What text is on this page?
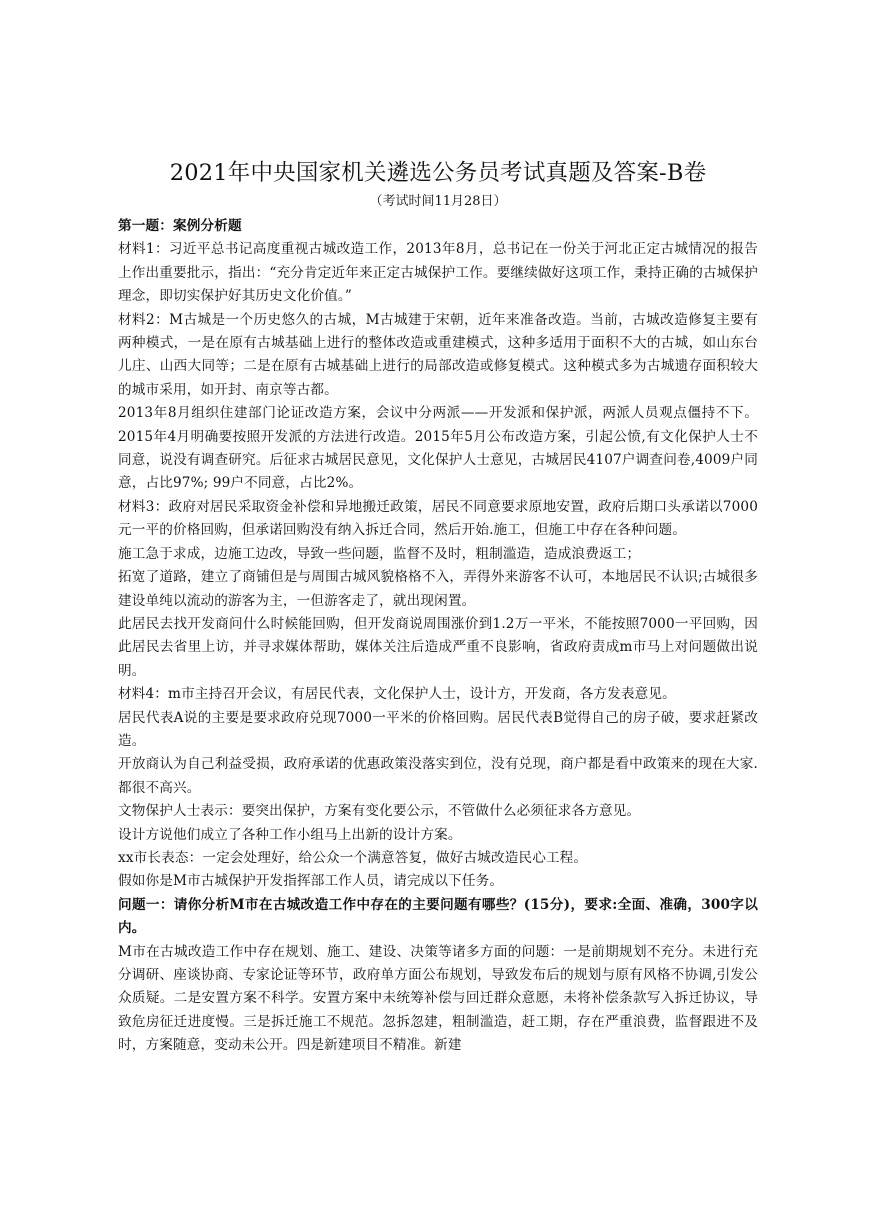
2021年中央国家机关遴选公务员考试真题及答案-B卷

（考试时间11月28日）

第一题：案例分析题

材料1：习近平总书记高度重视古城改造工作，2013年8月，总书记在一份关于河北正定古城情况的报告上作出重要批示，指出：“充分肯定近年来正定古城保护工作。要继续做好这项工作，秉持正确的古城保护理念，即切实保护好其历史文化价值。”

材料2：M古城是一个历史悠久的古城，M古城建于宋朝，近年来准备改造。当前，古城改造修复主要有两种模式，一是在原有古城基础上进行的整体改造或重建模式，这种多适用于面积不大的古城，如山东台儿庄、山西大同等；二是在原有古城基础上进行的局部改造或修复模式。这种模式多为古城遗存面积较大的城市采用，如开封、南京等古都。

2013年8月组织住建部门论证改造方案，会议中分两派——开发派和保护派，两派人员观点僵持不下。2015年4月明确要按照开发派的方法进行改造。2015年5月公布改造方案，引起公愤,有文化保护人士不同意，说没有调查研究。后征求古城居民意见，文化保护人士意见，古城居民4107户调查问卷,4009户同意，占比97%; 99户不同意，占比2%。

材料3：政府对居民采取资金补偿和异地搬迁政策，居民不同意要求原地安置，政府后期口头承诺以7000元一平的价格回购，但承诺回购没有纳入拆迁合同，然后开始.施工，但施工中存在各种问题。

施工急于求成，边施工边改，导致一些问题，监督不及时，粗制滥造，造成浪费返工；

拓宽了道路，建立了商铺但是与周围古城风貌格格不入，弄得外来游客不认可，本地居民不认识;古城很多建设单纯以流动的游客为主，一但游客走了，就出现闲置。

此居民去找开发商问什么时候能回购，但开发商说周围涨价到1.2万一平米，不能按照7000一平回购，因此居民去省里上访，并寻求媒体帮助，媒体关注后造成严重不良影响，省政府责成m市马上对问题做出说明。

材料4：m市主持召开会议，有居民代表，文化保护人士，设计方，开发商，各方发表意见。

居民代表A说的主要是要求政府兑现7000一平米的价格回购。居民代表B觉得自己的房子破，要求赶紧改造。

开放商认为自己利益受损，政府承诺的优惠政策没落实到位，没有兑现，商户都是看中政策来的现在大家.都很不高兴。

文物保护人士表示：要突出保护，方案有变化要公示，不管做什么必须征求各方意见。

设计方说他们成立了各种工作小组马上出新的设计方案。

xx市长表态：一定会处理好，给公众一个满意答复，做好古城改造民心工程。

假如你是M市古城保护开发指挥部工作人员，请完成以下任务。

问题一：请你分析M市在古城改造工作中存在的主要问题有哪些？(15分)，要求:全面、准确，300字以内。

M市在古城改造工作中存在规划、施工、建设、决策等诸多方面的问题：一是前期规划不充分。未进行充分调研、座谈协商、专家论证等环节，政府单方面公布规划，导致发布后的规划与原有风格不协调,引发公众质疑。二是安置方案不科学。安置方案中未统筹补偿与回迁群众意愿，未将补偿条款写入拆迁协议，导致危房征迁进度慢。三是拆迁施工不规范。忽拆忽建，粗制滥造，赶工期，存在严重浪费，监督跟进不及时，方案随意，变动未公开。四是新建项目不精准。新建
